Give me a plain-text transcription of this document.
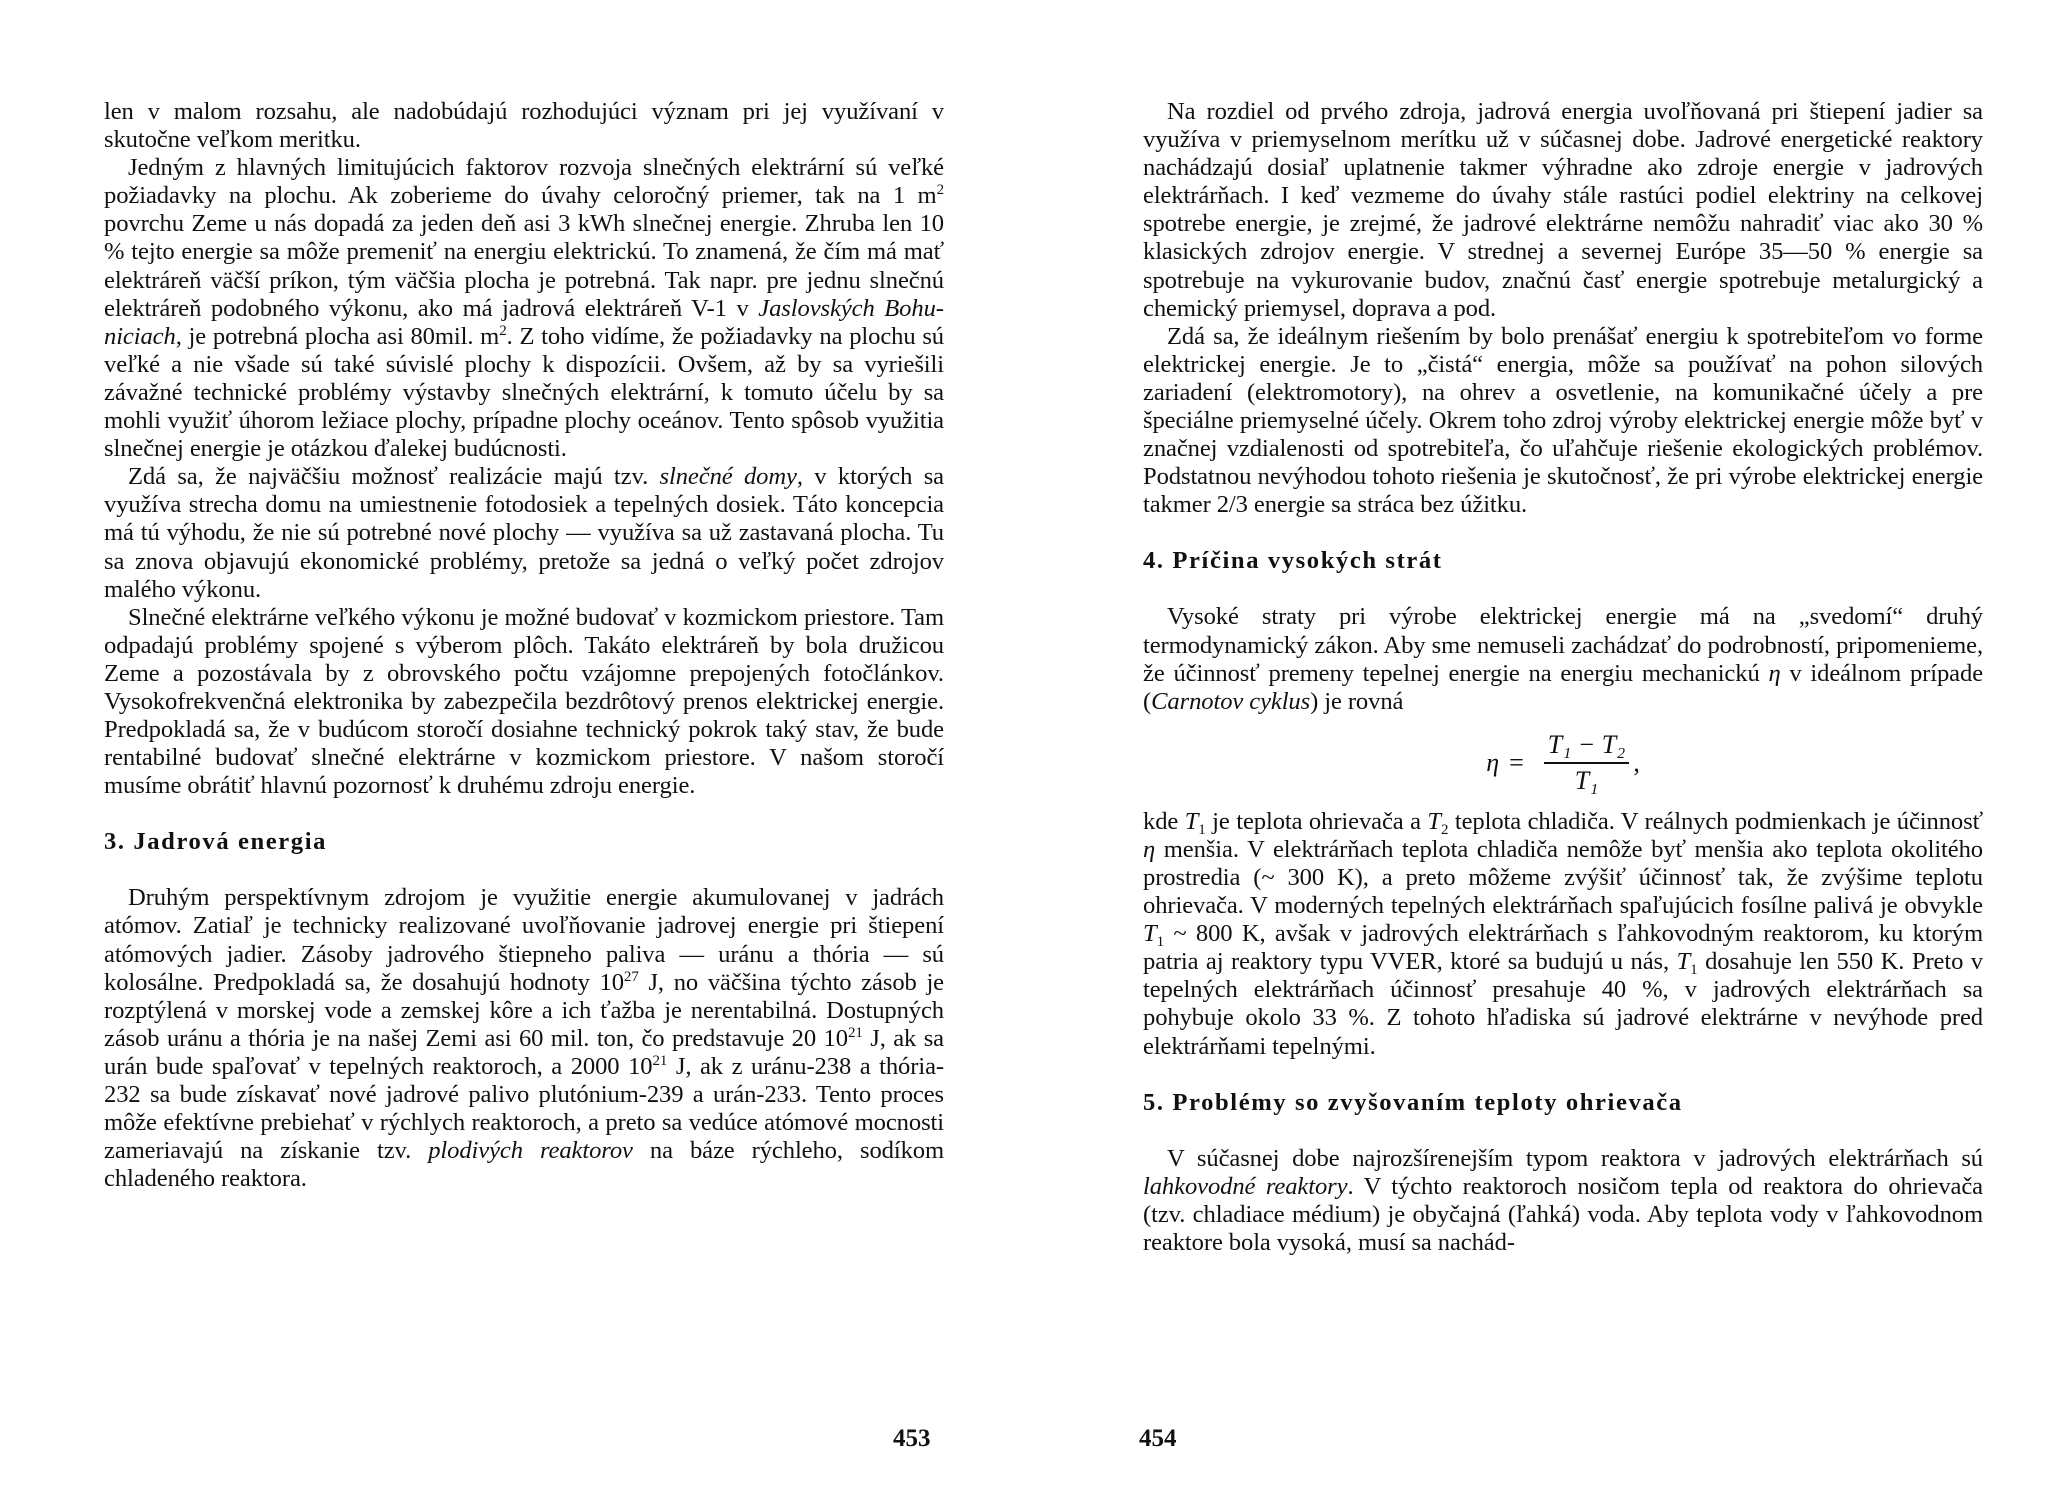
len v malom rozsahu, ale nadobúdajú rozhodujúci význam pri jej využívaní v skutočne veľkom meritku.

Jedným z hlavných limitujúcich faktorov rozvoja slnečných elektrární sú veľké požiadavky na plochu. Ak zoberieme do úvahy celoročný priemer, tak na 1 $m^2$ povrchu Zeme u nás dopadá za jeden deň asi 3 kWh slnečnej energie. Zhruba len 10 % tejto energie sa môže premeniť na energiu elektrickú. To znamená, že čím má mať elektráreň väčší príkon, tým väčšia plocha je potrebná. Tak napr. pre jednu slnečnú elektráreň podobného výkonu, ako má jadrová elektráreň V-1 v Jaslovských Bohuniciach, je potrebná plocha asi 80mil. $m^2$. Z toho vidíme, že požiadavky na plochu sú veľké a nie všade sú také súvislé plochy k dispozícii. Ovšem, až by sa vyriešili závažné technické problémy výstavby slnečných elektrární, k tomuto účelu by sa mohli využiť úhorom ležiace plochy, prípadne plochy oceánov. Tento spôsob využitia slnečnej energie je otázkou ďalekej budúcnosti.

Zdá sa, že najväčšiu možnosť realizácie majú tzv. slnečné domy, v ktorých sa využíva strecha domu na umiestnenie fotodosiek a tepelných dosiek. Táto koncepcia má tú výhodu, že nie sú potrebné nové plochy — využíva sa už zastavaná plocha. Tu sa znova objavujú ekonomické problémy, pretože sa jedná o veľký počet zdrojov malého výkonu.

Slnečné elektrárne veľkého výkonu je možné budovať v kozmickom priestore. Tam odpadajú problémy spojené s výberom plôch. Takáto elektráreň by bola družicou Zeme a pozostávala by z obrovského počtu vzájomne prepojených fotočlánkov. Vysokofrekvenčná elektronika by zabezpečila bezdrôtový prenos elektrickej energie. Predpokladá sa, že v budúcom storočí dosiahne technický pokrok taký stav, že bude rentabilné budovať slnečné elektrárne v kozmickom priestore. V našom storočí musíme obrátiť hlavnú pozornosť k druhému zdroju energie.

3. Jadrová energia

Druhým perspektívnym zdrojom je využitie energie akumulovanej v jadrách atómov. Zatiaľ je technicky realizované uvoľňovanie jadrovej energie pri štiepení atómových jadier. Zásoby jadrového štiepneho paliva — uránu a thória — sú kolosálne. Predpokladá sa, že dosahujú hodnoty $10^{27}$ J, no väčšina týchto zásob je rozptýlená v morskej vode a zemskej kôre a ich ťažba je nerentabilná. Dostupných zásob uránu a thória je na našej Zemi asi 60 mil. ton, čo predstavuje 20 $10^{21}$ J, ak sa urán bude spaľovať v tepelných reaktoroch, a 2000 $10^{21}$ J, ak z uránu-238 a thória-232 sa bude získavať nové jadrové palivo plutónium-239 a urán-233. Tento proces môže efektívne prebiehať v rýchlych reaktoroch, a preto sa vedúce atómové mocnosti zameriavajú na získanie tzv. plodivých reaktorov na báze rýchleho, sodíkom chladeného reaktora.

Na rozdiel od prvého zdroja, jadrová energia uvoľňovaná pri štiepení jadier sa využíva v priemyselnom merítku už v súčasnej dobe. Jadrové energetické reaktory nachádzajú dosiaľ uplatnenie takmer výhradne ako zdroje energie v jadrových elektrárňach. I keď vezmeme do úvahy stále rastúci podiel elektriny na celkovej spotrebe energie, je zrejmé, že jadrové elektrárne nemôžu nahradiť viac ako 30 % klasických zdrojov energie. V strednej a severnej Európe 35—50 % energie sa spotrebuje na vykurovanie budov, značnú časť energie spotrebuje metalurgický a chemický priemysel, doprava a pod.

Zdá sa, že ideálnym riešením by bolo prenášať energiu k spotrebiteľom vo forme elektrickej energie. Je to „čistá“ energia, môže sa používať na pohon silových zariadení (elektromotory), na ohrev a osvetlenie, na komunikačné účely a pre špeciálne priemyselné účely. Okrem toho zdroj výroby elektrickej energie môže byť v značnej vzdialenosti od spotrebiteľa, čo uľahčuje riešenie ekologických problémov. Podstatnou nevýhodou tohoto riešenia je skutočnosť, že pri výrobe elektrickej energie takmer 2/3 energie sa stráca bez úžitku.

4. Príčina vysokých strát

Vysoké straty pri výrobe elektrickej energie má na „svedomí“ druhý termodynamický zákon. Aby sme nemuseli zachádzať do podrobností, pripomenieme, že účinnosť premeny tepelnej energie na energiu mechanickú η v ideálnom prípade (Carnotov cyklus) je rovná

$\eta = \frac{\text{T₁ − T₂}}{\text{T₁}}$ ,

kde $T_1$ je teplota ohrievača a $T_2$ teplota chladiča. V reálnych podmienkach je účinnosť η menšia. V elektrárňach teplota chladiča nemôže byť menšia ako teplota okolitého prostredia (~ 300 K), a preto môžeme zvýšiť účinnosť tak, že zvýšime teplotu ohrievača. V moderných tepelných elektrárňach spaľujúcich fosílne palivá je obvykle $T_1$ ~ 800 K, avšak v jadrových elektrárňach s ľahkovodným reaktorom, ku ktorým patria aj reaktory typu VVER, ktoré sa budujú u nás, $T_1$ dosahuje len 550 K. Preto v tepelných elektrárňach účinnosť presahuje 40 %, v jadrových elektrárňach sa pohybuje okolo 33 %. Z tohoto hľadiska sú jadrové elektrárne v nevýhode pred elektrárňami tepelnými.

5. Problémy so zvyšovaním teploty ohrievača

V súčasnej dobe najrozšírenejším typom reaktora v jadrových elektrárňach sú lahkovodné reaktory. V týchto reaktoroch nosičom tepla od reaktora do ohrievača (tzv. chladiace médium) je obyčajná (ľahká) voda. Aby teplota vody v ľahkovodnom reaktore bola vysoká, musí sa nachád-

453	454
